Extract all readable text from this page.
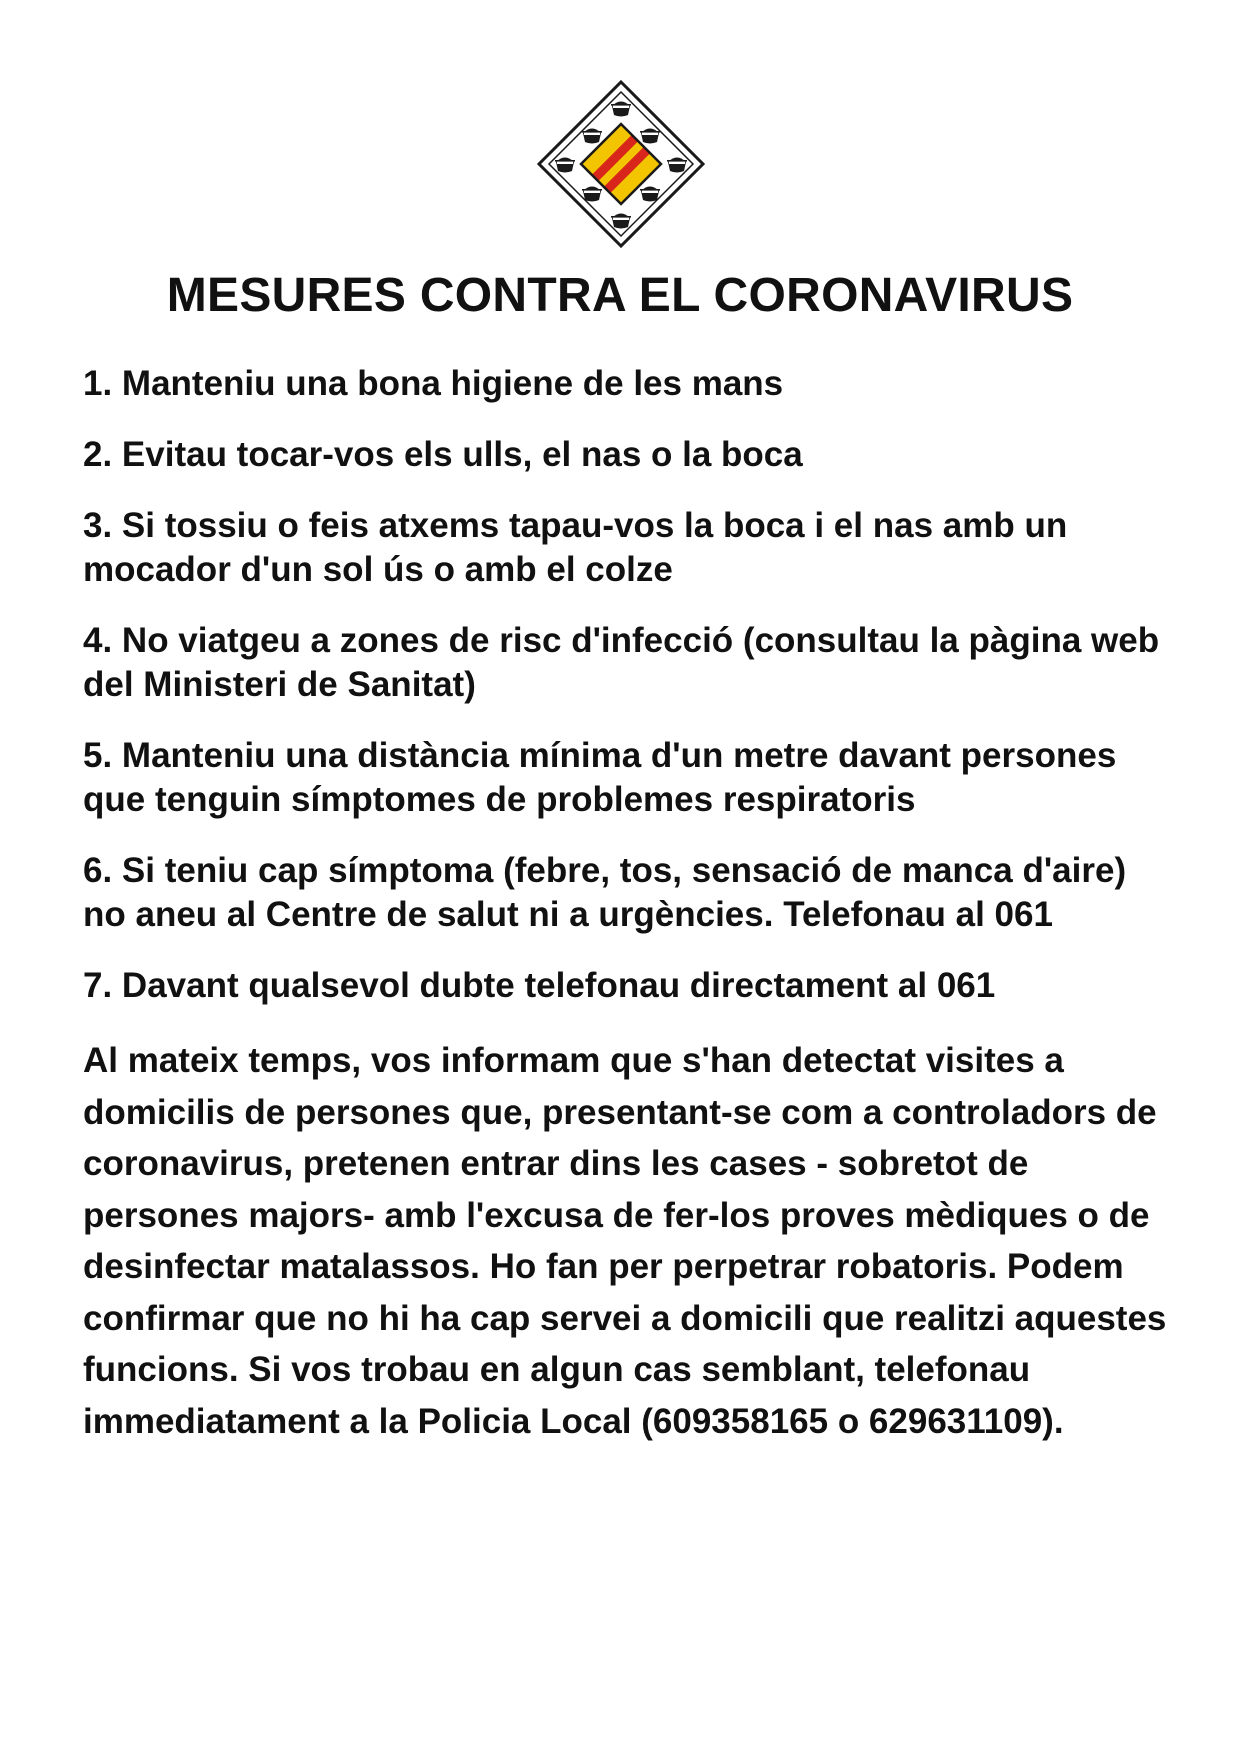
MESURES CONTRA EL CORONAVIRUS
1. Manteniu una bona higiene de les mans
2. Evitau tocar-vos els ulls, el nas o la boca
3. Si tossiu o feis atxems tapau-vos la boca i el nas amb un mocador d'un sol ús o amb el colze
4. No viatgeu a zones de risc d'infecció (consultau la pàgina web del Ministeri de Sanitat)
5. Manteniu una distància mínima d'un metre davant persones que tenguin símptomes de problemes respiratoris
6. Si teniu cap símptoma (febre, tos, sensació de manca d'aire) no aneu al Centre de salut ni a urgències. Telefonau al 061
7. Davant qualsevol dubte telefonau directament al 061

Al mateix temps, vos informam que s'han detectat visites a domicilis de persones que, presentant-se com a controladors de coronavirus, pretenen entrar dins les cases - sobretot de persones majors- amb l'excusa de fer-los proves mèdiques o de desinfectar matalassos. Ho fan per perpetrar robatoris. Podem confirmar que no hi ha cap servei a domicili que realitzi aquestes funcions. Si vos trobau en algun cas semblant, telefonau immediatament a la Policia Local (609358165 o 629631109).
